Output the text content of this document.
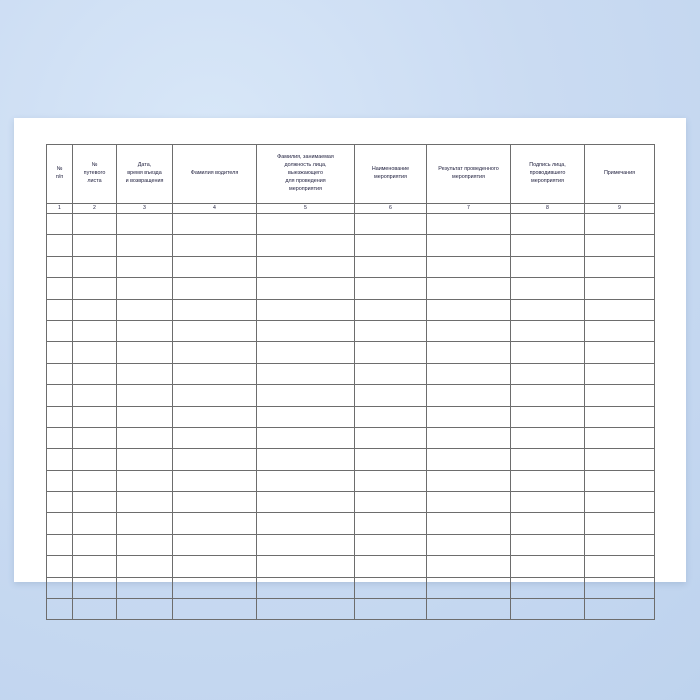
№
п/п	№
путевого
листа	Дата,
время въезда
и возвращения	Фамилия водителя	Фамилия, занимаемая
должность лица,
выезжающего
для проведения
мероприятия	Наименование
мероприятия	Результат проведенного
мероприятия	Подпись лица,
проводившего
мероприятия	Примечания

1	2	3	4	5	6	7	8	9
